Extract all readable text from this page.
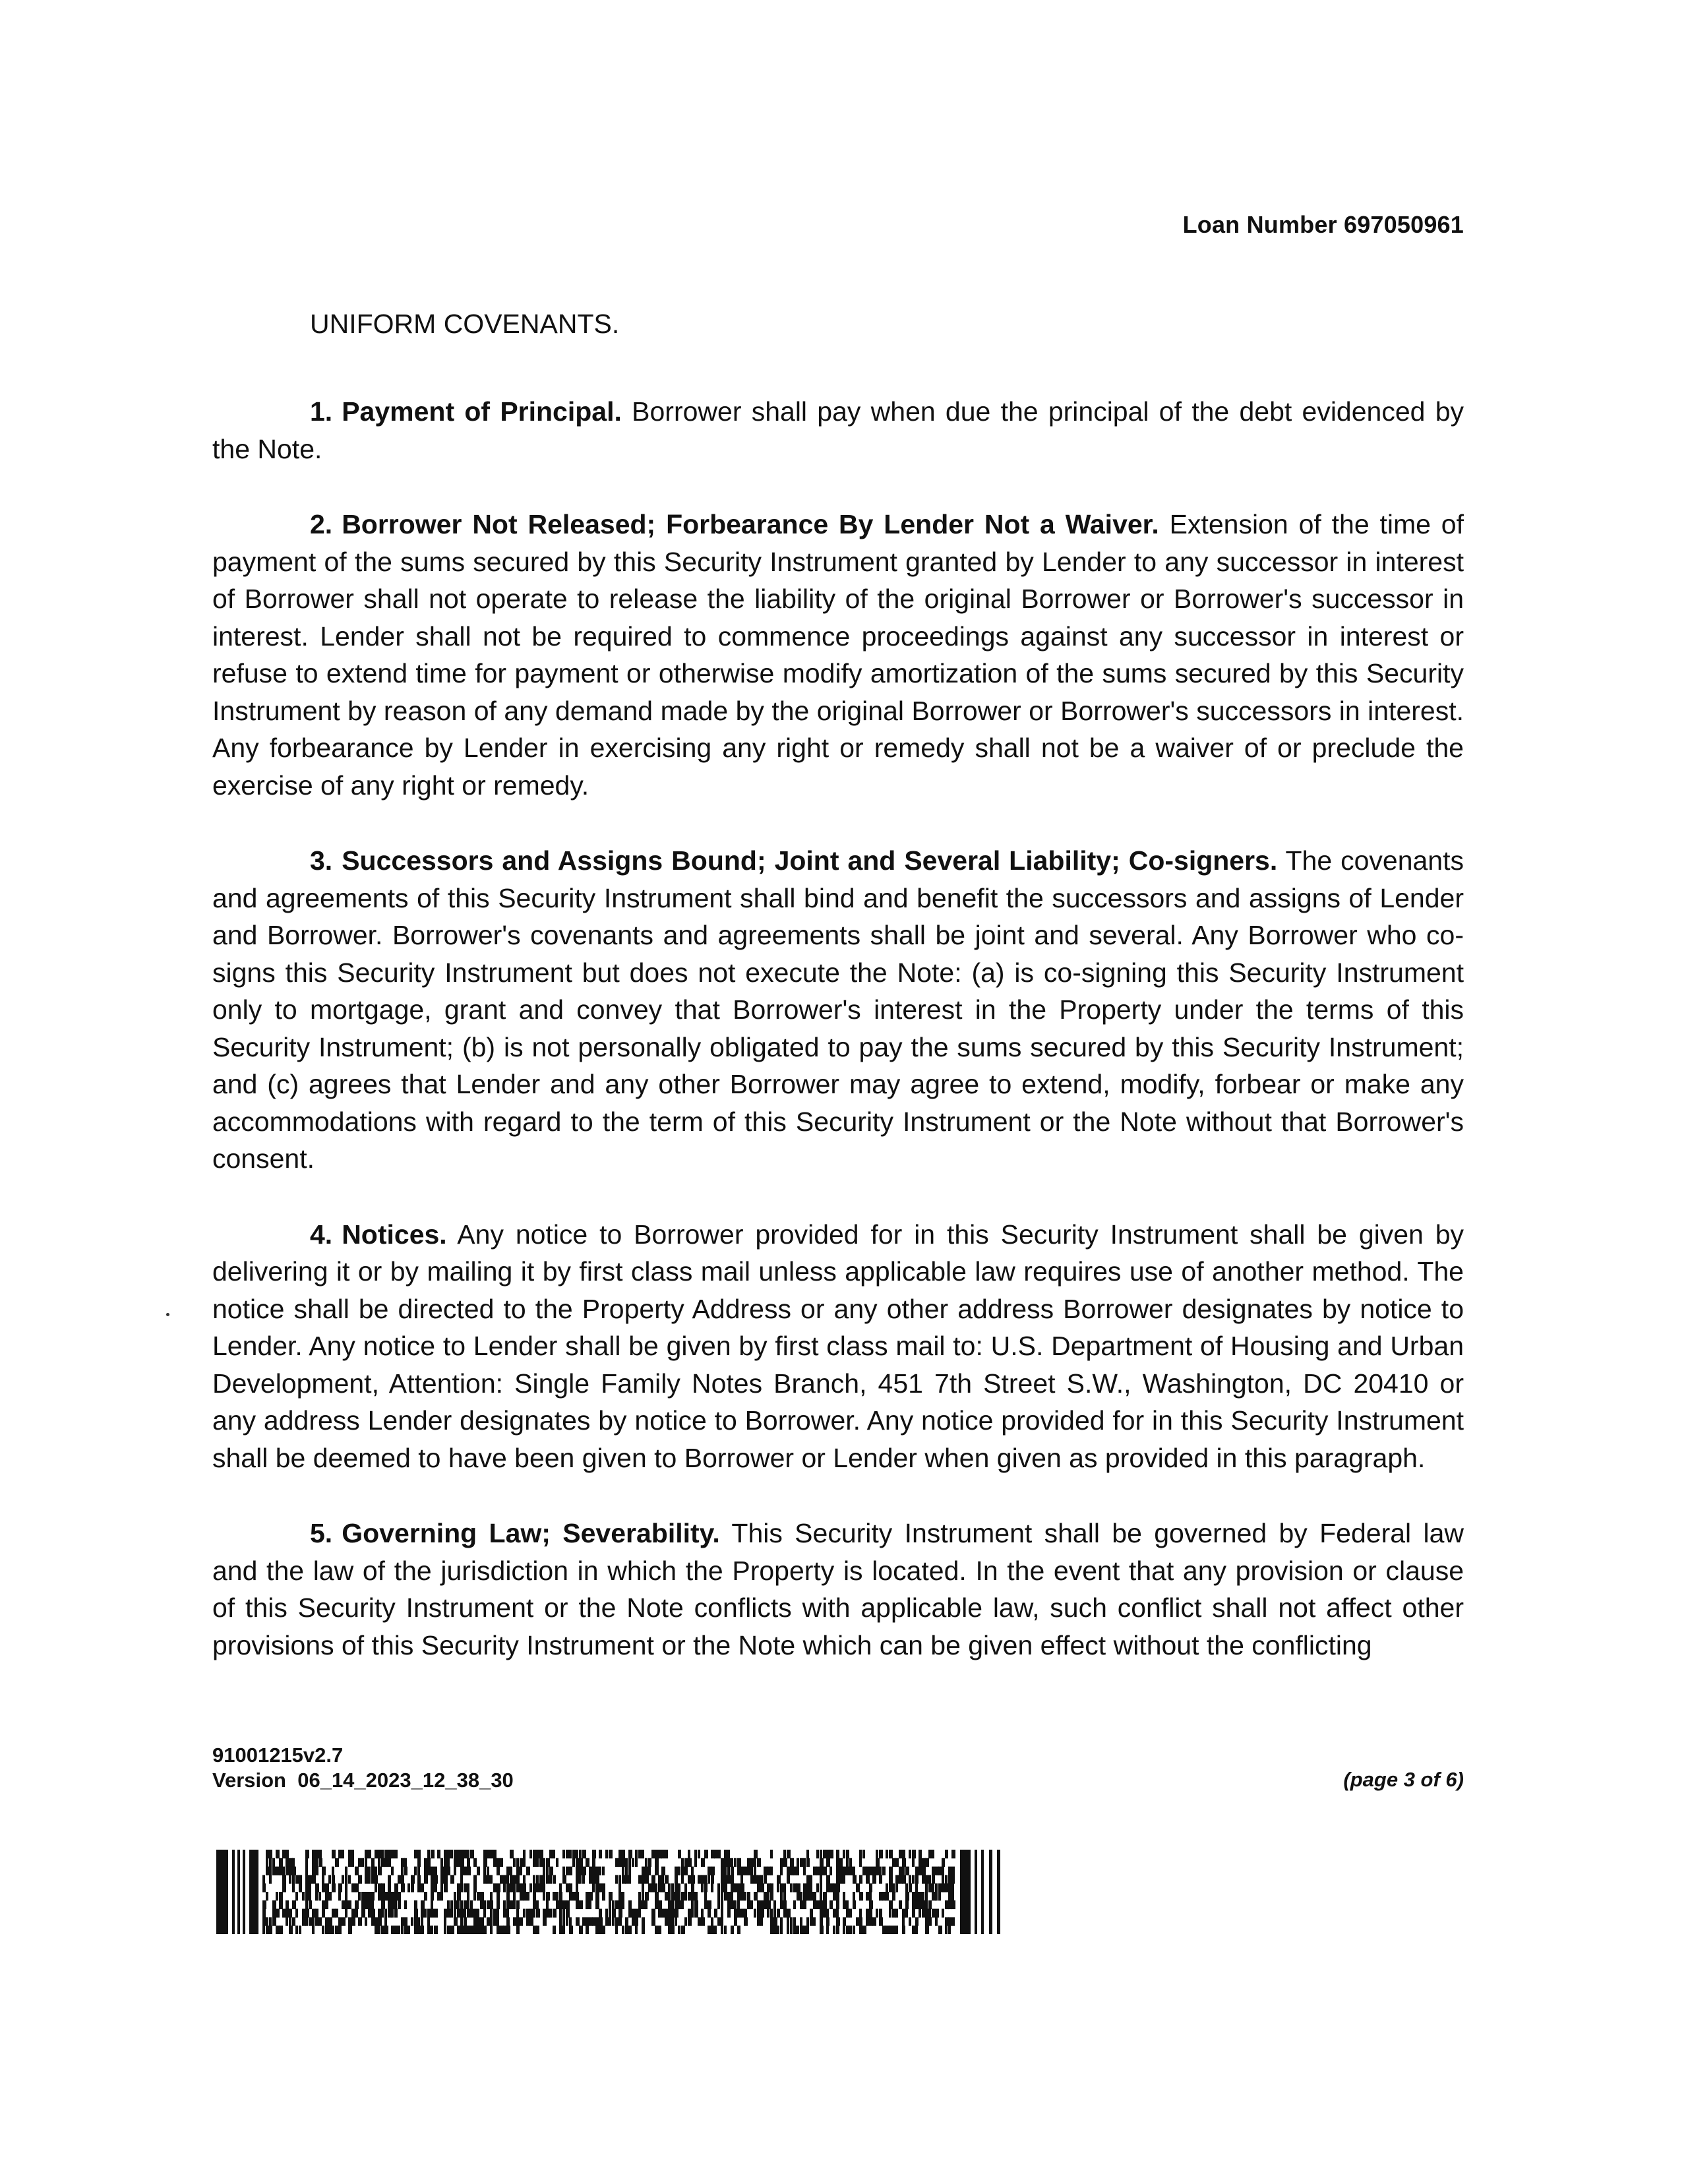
Loan Number 697050961
UNIFORM COVENANTS.

1. Payment of Principal. Borrower shall pay when due the principal of the debt evidenced by the Note.

2. Borrower Not Released; Forbearance By Lender Not a Waiver. Extension of the time of payment of the sums secured by this Security Instrument granted by Lender to any successor in interest of Borrower shall not operate to release the liability of the original Borrower or Borrower's successor in interest. Lender shall not be required to commence proceedings against any successor in interest or refuse to extend time for payment or otherwise modify amortization of the sums secured by this Security Instrument by reason of any demand made by the original Borrower or Borrower's successors in interest. Any forbearance by Lender in exercising any right or remedy shall not be a waiver of or preclude the exercise of any right or remedy.

3. Successors and Assigns Bound; Joint and Several Liability; Co-signers. The covenants and agreements of this Security Instrument shall bind and benefit the successors and assigns of Lender and Borrower. Borrower's covenants and agreements shall be joint and several. Any Borrower who co-signs this Security Instrument but does not execute the Note: (a) is co-signing this Security Instrument only to mortgage, grant and convey that Borrower's interest in the Property under the terms of this Security Instrument; (b) is not personally obligated to pay the sums secured by this Security Instrument; and (c) agrees that Lender and any other Borrower may agree to extend, modify, forbear or make any accommodations with regard to the term of this Security Instrument or the Note without that Borrower's consent.

4. Notices. Any notice to Borrower provided for in this Security Instrument shall be given by delivering it or by mailing it by first class mail unless applicable law requires use of another method. The notice shall be directed to the Property Address or any other address Borrower designates by notice to Lender. Any notice to Lender shall be given by first class mail to: U.S. Department of Housing and Urban Development, Attention: Single Family Notes Branch, 451 7th Street S.W., Washington, DC 20410 or any address Lender designates by notice to Borrower. Any notice provided for in this Security Instrument shall be deemed to have been given to Borrower or Lender when given as provided in this paragraph.

5. Governing Law; Severability. This Security Instrument shall be governed by Federal law and the law of the jurisdiction in which the Property is located. In the event that any provision or clause of this Security Instrument or the Note conflicts with applicable law, such conflict shall not affect other provisions of this Security Instrument or the Note which can be given effect without the conflicting

91001215v2.7
Version  06_14_2023_12_38_30	(page 3 of 6)
